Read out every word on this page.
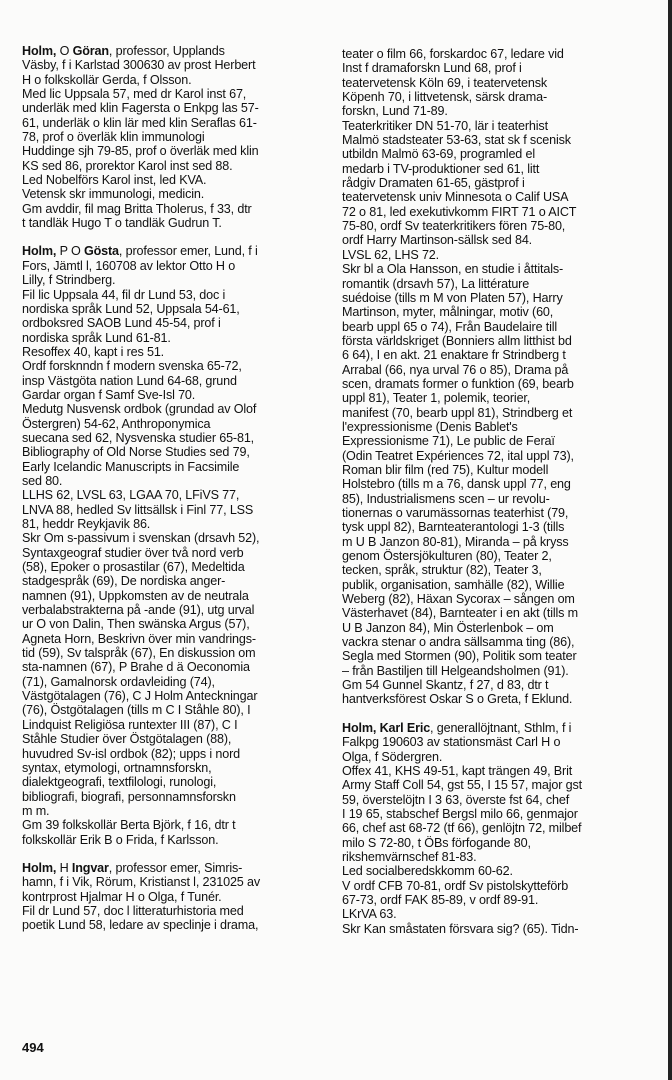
Holm, O Göran, professor, Upplands
Väsby, f i Karlstad 300630 av prost Herbert
H o folkskollär Gerda, f Olsson.
Med lic Uppsala 57, med dr Karol inst 67,
underläk med klin Fagersta o Enkpg las 57-
61, underläk o klin lär med klin Seraflas 61-
78, prof o överläk klin immunologi
Huddinge sjh 79-85, prof o överläk med klin
KS sed 86, prorektor Karol inst sed 88.
Led Nobelförs Karol inst, led KVA.
Vetensk skr immunologi, medicin.
Gm avddir, fil mag Britta Tholerus, f 33, dtr
t tandläk Hugo T o tandläk Gudrun T.
Holm, P O Gösta, professor emer, Lund, f i
Fors, Jämtl l, 160708 av lektor Otto H o
Lilly, f Strindberg.
Fil lic Uppsala 44, fil dr Lund 53, doc i
nordiska språk Lund 52, Uppsala 54-61,
ordboksred SAOB Lund 45-54, prof i
nordiska språk Lund 61-81.
Resoffex 40, kapt i res 51.
Ordf forsknndn f modern svenska 65-72,
insp Västgöta nation Lund 64-68, grund
Gardar organ f Samf Sve-Isl 70.
Medutg Nusvensk ordbok (grundad av Olof
Östergren) 54-62, Anthroponymica
suecana sed 62, Nysvenska studier 65-81,
Bibliography of Old Norse Studies sed 79,
Early Icelandic Manuscripts in Facsimile
sed 80.
LLHS 62, LVSL 63, LGAA 70, LFiVS 77,
LNVA 88, hedled Sv littsällsk i Finl 77, LSS
81, heddr Reykjavik 86.
Skr Om s-passivum i svenskan (drsavh 52),
Syntaxgeograf studier över två nord verb
(58), Epoker o prosastilar (67), Medeltida
stadgespråk (69), De nordiska anger-
namnen (91), Uppkomsten av de neutrala
verbalabstrakterna på -ande (91), utg urval
ur O von Dalin, Then swänska Argus (57),
Agneta Horn, Beskrivn över min vandrings-
tid (59), Sv talspråk (67), En diskussion om
sta-namnen (67), P Brahe d ä Oeconomia
(71), Gamalnorsk ordavleiding (74),
Västgötalagen (76), C J Holm Anteckningar
(76), Östgötalagen (tills m C I Ståhle 80), I
Lindquist Religiösa runtexter III (87), C I
Ståhle Studier över Östgötalagen (88),
huvudred Sv-isl ordbok (82); upps i nord
syntax, etymologi, ortnamnsforskn,
dialektgeografi, textfilologi, runologi,
bibliografi, biografi, personnamnsforskn
m m.
Gm 39 folkskollär Berta Björk, f 16, dtr t
folkskollär Erik B o Frida, f Karlsson.
Holm, H Ingvar, professor emer, Simris-
hamn, f i Vik, Rörum, Kristianst l, 231025 av
kontrprost Hjalmar H o Olga, f Tunér.
Fil dr Lund 57, doc l litteraturhistoria med
poetik Lund 58, ledare av speclinje i drama,
teater o film 66, forskardoc 67, ledare vid
Inst f dramaforskn Lund 68, prof i
teatervetensk Köln 69, i teatervetensk
Köpenh 70, i littvetensk, särsk drama-
forskn, Lund 71-89.
Teaterkritiker DN 51-70, lär i teaterhist
Malmö stadsteater 53-63, stat sk f scenisk
utbildn Malmö 63-69, programled el
medarb i TV-produktioner sed 61, litt
rådgiv Dramaten 61-65, gästprof i
teatervetensk univ Minnesota o Calif USA
72 o 81, led exekutivkomm FIRT 71 o AICT
75-80, ordf Sv teaterkritikers fören 75-80,
ordf Harry Martinson-sällsk sed 84.
LVSL 62, LHS 72.
Skr bl a Ola Hansson, en studie i åttitals-
romantik (drsavh 57), La littérature
suédoise (tills m M von Platen 57), Harry
Martinson, myter, målningar, motiv (60,
bearb uppl 65 o 74), Från Baudelaire till
första världskriget (Bonniers allm litthist bd
6 64), I en akt. 21 enaktare fr Strindberg t
Arrabal (66, nya urval 76 o 85), Drama på
scen, dramats former o funktion (69, bearb
uppl 81), Teater 1, polemik, teorier,
manifest (70, bearb uppl 81), Strindberg et
l'expressionisme (Denis Bablet's
Expressionisme 71), Le public de Feraï
(Odin Teatret Expériences 72, ital uppl 73),
Roman blir film (red 75), Kultur modell
Holstebro (tills m a 76, dansk uppl 77, eng
85), Industrialismens scen – ur revolu-
tionernas o varumässornas teaterhist (79,
tysk uppl 82), Barnteaterantologi 1-3 (tills
m U B Janzon 80-81), Miranda – på kryss
genom Östersjökulturen (80), Teater 2,
tecken, språk, struktur (82), Teater 3,
publik, organisation, samhälle (82), Willie
Weberg (82), Häxan Sycorax – sången om
Västerhavet (84), Barnteater i en akt (tills m
U B Janzon 84), Min Österlenbok – om
vackra stenar o andra sällsamma ting (86),
Segla med Stormen (90), Politik som teater
– från Bastiljen till Helgeandsholmen (91).
Gm 54 Gunnel Skantz, f 27, d 83, dtr t
hantverksförest Oskar S o Greta, f Eklund.
Holm, Karl Eric, generallöjtnant, Sthlm, f i
Falkpg 190603 av stationsmäst Carl H o
Olga, f Södergren.
Offex 41, KHS 49-51, kapt trängen 49, Brit
Army Staff Coll 54, gst 55, I 15 57, major gst
59, överstelöjtn I 3 63, överste fst 64, chef
I 19 65, stabschef Bergsl milo 66, genmajor
66, chef ast 68-72 (tf 66), genlöjtn 72, milbef
milo S 72-80, t ÖBs förfogande 80,
rikshemvärnschef 81-83.
Led socialberedskkomm 60-62.
V ordf CFB 70-81, ordf Sv pistolskytteförb
67-73, ordf FAK 85-89, v ordf 89-91.
LKrVA 63.
Skr Kan småstaten försvara sig? (65). Tidn-
494
